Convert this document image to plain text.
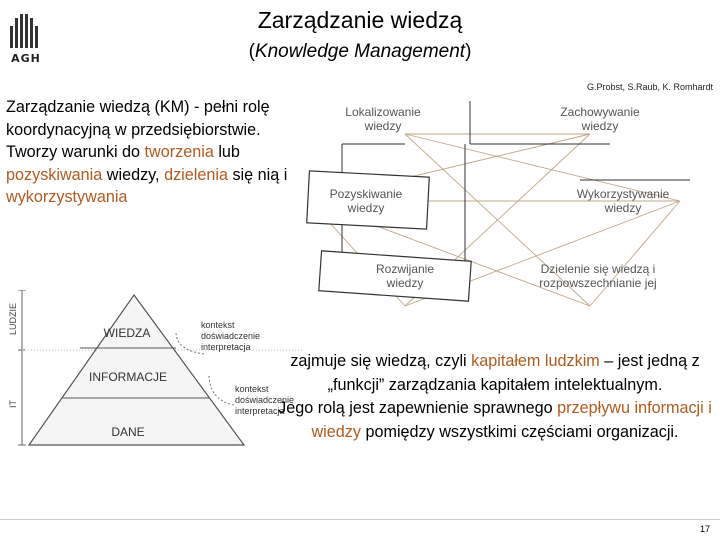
AGH
Zarządzanie wiedzą
(Knowledge Management)
G.Probst, S.Raub, K. Romhardt
Zarządzanie wiedzą (KM) - pełni rolę koordynacyjną w przedsiębiorstwie. Tworzy warunki do tworzenia lub pozyskiwania wiedzy, dzielenia się nią i wykorzystywania
Lokalizowanie
wiedzy
Zachowywanie
wiedzy
Pozyskiwanie
wiedzy
Wykorzystywanie
wiedzy
Rozwijanie
wiedzy
Dzielenie się wiedzą i
rozpowszechnianie jej
LUDZIE
IT
WIEDZA
INFORMACJE
DANE
kontekst
doświadczenie
interpretacja
kontekst
doświadczenie
interpretacja
zajmuje się wiedzą, czyli kapitałem ludzkim – jest jedną z „funkcji” zarządzania kapitałem intelektualnym.
Jego rolą jest zapewnienie sprawnego przepływu informacji i wiedzy pomiędzy wszystkimi częściami organizacji.
17
